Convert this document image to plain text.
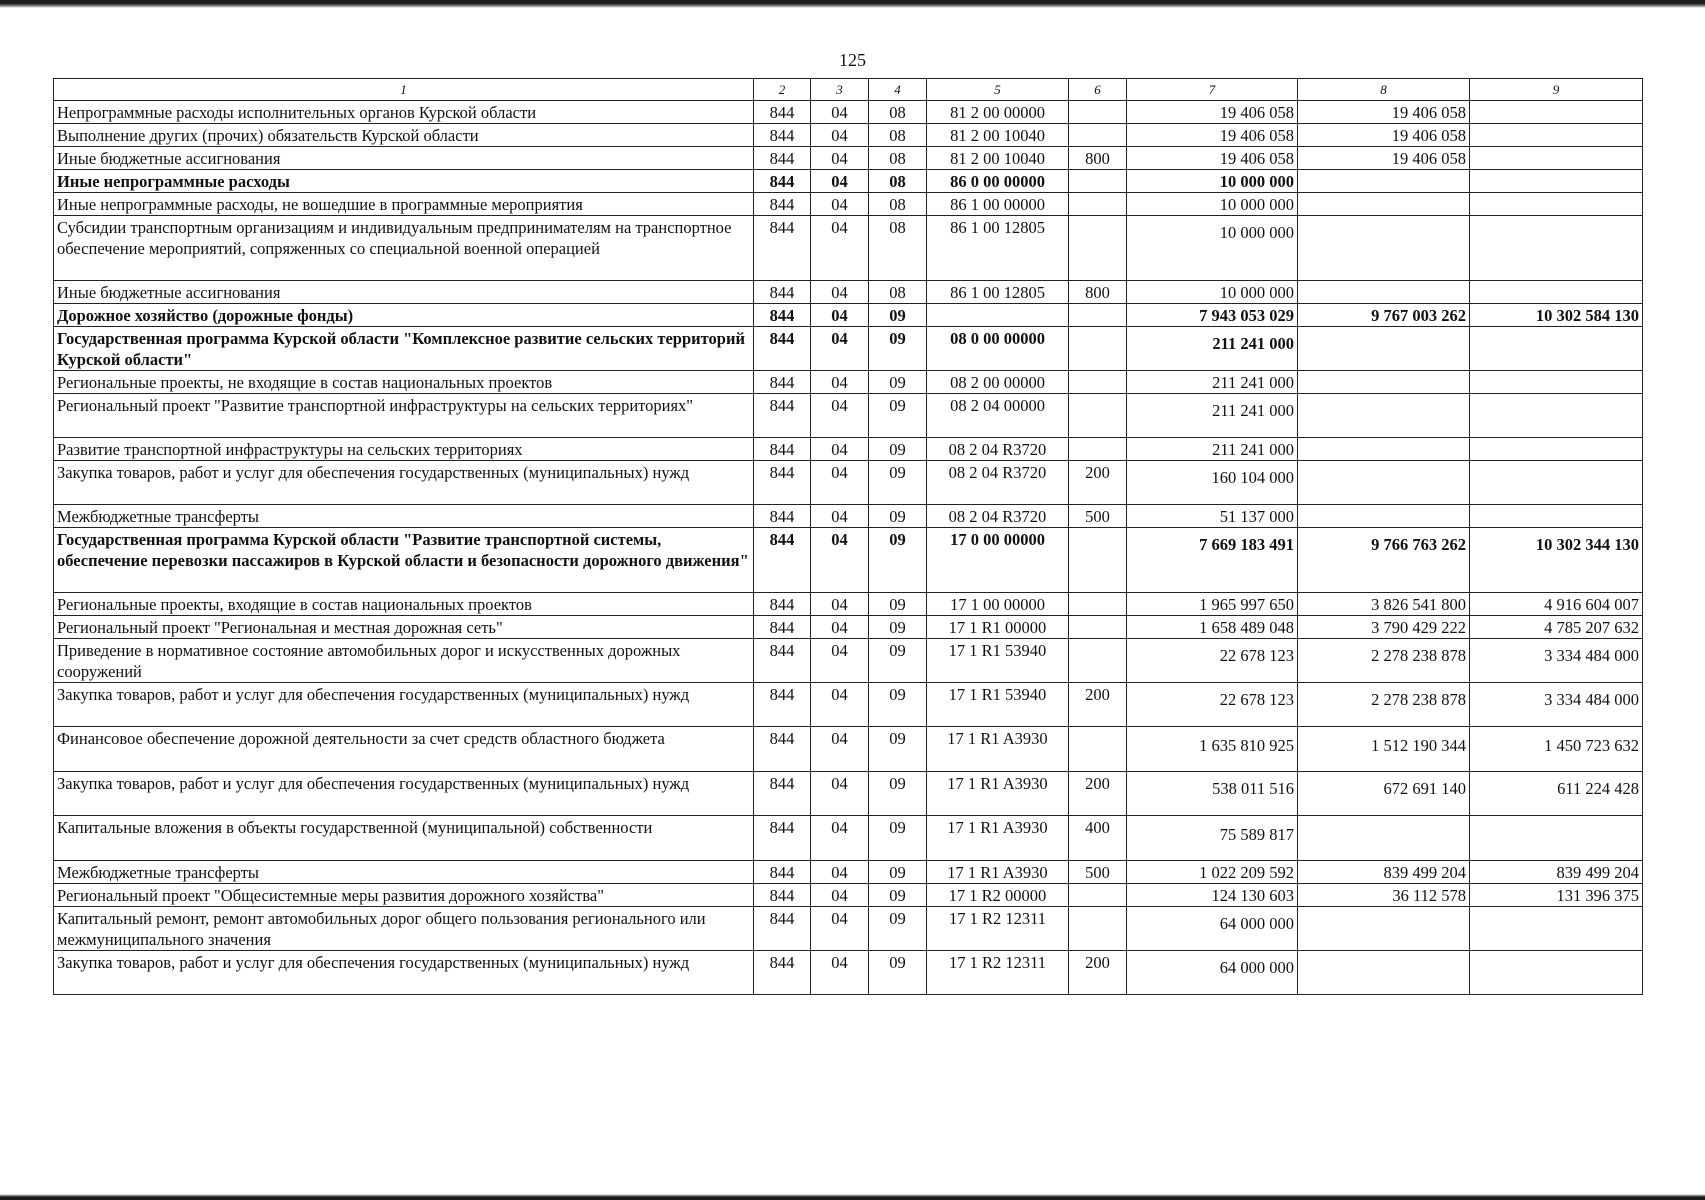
125
1	2	3	4	5	6	7	8	9
Непрограммные расходы исполнительных органов Курской области	844	04	08	81 2 00 00000		19 406 058	19 406 058	
Выполнение других (прочих) обязательств Курской области	844	04	08	81 2 00 10040		19 406 058	19 406 058	
Иные бюджетные ассигнования	844	04	08	81 2 00 10040	800	19 406 058	19 406 058	
Иные непрограммные расходы	844	04	08	86 0 00 00000		10 000 000		
Иные непрограммные расходы, не вошедшие в программные мероприятия	844	04	08	86 1 00 00000		10 000 000		
Субсидии транспортным организациям и индивидуальным предпринимателям на транспортное обеспечение мероприятий, сопряженных со специальной военной операцией	844	04	08	86 1 00 12805		10 000 000		
Иные бюджетные ассигнования	844	04	08	86 1 00 12805	800	10 000 000		
Дорожное хозяйство (дорожные фонды)	844	04	09			7 943 053 029	9 767 003 262	10 302 584 130
Государственная программа Курской области "Комплексное развитие сельских территорий Курской области"	844	04	09	08 0 00 00000		211 241 000		
Региональные проекты, не входящие в состав национальных проектов	844	04	09	08 2 00 00000		211 241 000		
Региональный проект "Развитие транспортной инфраструктуры на сельских территориях"	844	04	09	08 2 04 00000		211 241 000		
Развитие транспортной инфраструктуры на сельских территориях	844	04	09	08 2 04 R3720		211 241 000		
Закупка товаров, работ и услуг для обеспечения государственных (муниципальных) нужд	844	04	09	08 2 04 R3720	200	160 104 000		
Межбюджетные трансферты	844	04	09	08 2 04 R3720	500	51 137 000		
Государственная программа Курской области "Развитие транспортной системы, обеспечение перевозки пассажиров в Курской области и безопасности дорожного движения"	844	04	09	17 0 00 00000		7 669 183 491	9 766 763 262	10 302 344 130
Региональные проекты, входящие в состав национальных проектов	844	04	09	17 1 00 00000		1 965 997 650	3 826 541 800	4 916 604 007
Региональный проект "Региональная и местная дорожная сеть"	844	04	09	17 1 R1 00000		1 658 489 048	3 790 429 222	4 785 207 632
Приведение в нормативное состояние автомобильных дорог и искусственных дорожных сооружений	844	04	09	17 1 R1 53940		22 678 123	2 278 238 878	3 334 484 000
Закупка товаров, работ и услуг для обеспечения государственных (муниципальных) нужд	844	04	09	17 1 R1 53940	200	22 678 123	2 278 238 878	3 334 484 000
Финансовое обеспечение дорожной деятельности за счет средств областного бюджета	844	04	09	17 1 R1 A3930		1 635 810 925	1 512 190 344	1 450 723 632
Закупка товаров, работ и услуг для обеспечения государственных (муниципальных) нужд	844	04	09	17 1 R1 A3930	200	538 011 516	672 691 140	611 224 428
Капитальные вложения в объекты государственной (муниципальной) собственности	844	04	09	17 1 R1 A3930	400	75 589 817		
Межбюджетные трансферты	844	04	09	17 1 R1 A3930	500	1 022 209 592	839 499 204	839 499 204
Региональный проект "Общесистемные меры развития дорожного хозяйства"	844	04	09	17 1 R2 00000		124 130 603	36 112 578	131 396 375
Капитальный ремонт, ремонт автомобильных дорог общего пользования регионального или межмуниципального значения	844	04	09	17 1 R2 12311		64 000 000		
Закупка товаров, работ и услуг для обеспечения государственных (муниципальных) нужд	844	04	09	17 1 R2 12311	200	64 000 000		
